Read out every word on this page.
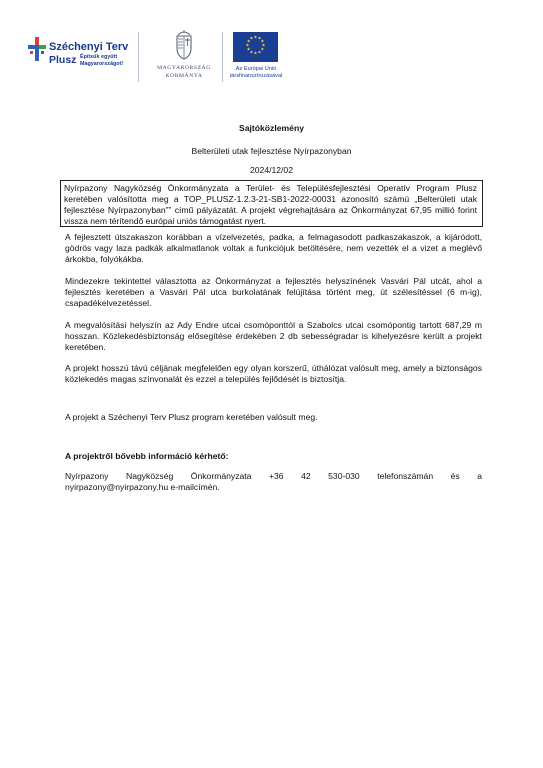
Széchenyi Terv
Plusz Építsük együtt
Magyarországot!
MAGYARORSZÁG
KORMÁNYA
★ ★
★
★
★
★
★
★
★
★
★
★
Az Európai Unió
társfinanszírozásával
Sajtóközlemény
Belterületi utak fejlesztése Nyírpazonyban
2024/12/02
Nyírpazony Nagyközség Önkormányzata a Terület- és Településfejlesztési Operatív Program Plusz keretében valósította meg a TOP_PLUSZ-1.2.3-21-SB1-2022-00031 azonosító számú „Belterületi utak fejlesztése Nyírpazonyban”” című pályázatát. A projekt végrehajtására az Önkormányzat 67,95 millió forint vissza nem térítendő európai uniós támogatást nyert.
A fejlesztett útszakaszon korábban a vízelvezetés, padka, a felmagasodott padkaszakaszok, a kijáródott, gödrös vagy laza padkák alkalmatlanok voltak a funkciójuk betöltésére, nem vezették el a vizet a meglévő árkokba, folyókákba.
Mindezekre tekintettel választotta az Önkormányzat a fejlesztés helyszínének Vasvári Pál utcát, ahol a fejlesztés keretében a Vasvári Pál utca burkolatának felújítása történt meg, út szélesítéssel (6 m-ig), csapadékelvezetéssel.
A megvalósítási helyszín az Ady Endre utcai csomóponttól a Szabolcs utcai csomópontig tartott 687,29 m hosszan. Közlekedésbiztonság elősegítése érdekében 2 db sebességradar is kihelyezésre került a projekt keretében.
A projekt hosszú távú céljának megfelelően egy olyan korszerű, úthálózat valósult meg, amely a biztonságos közlekedés magas színvonalát és ezzel a település fejlődését is biztosítja.
A projekt a Széchenyi Terv Plusz program keretében valósult meg.
A projektről bővebb információ kérhető:
Nyírpazony Nagyközség Önkormányzata +36 42 530-030 telefonszámán és a
nyirpazony@nyirpazony.hu e-mailcímén.
